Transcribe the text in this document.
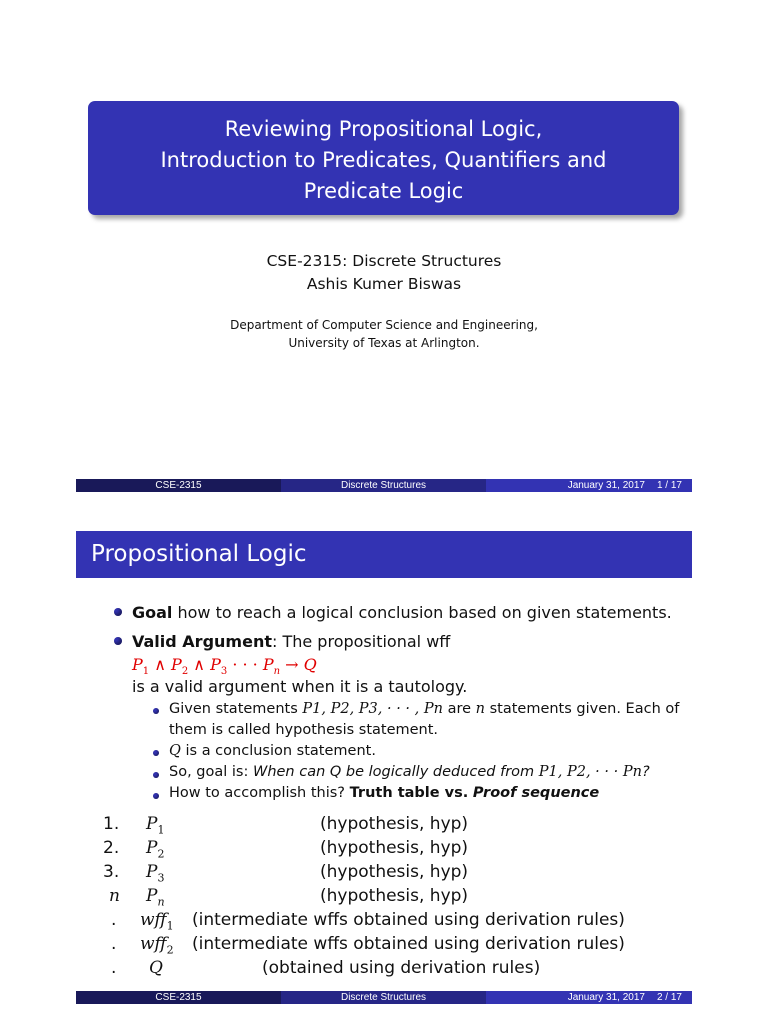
Reviewing Propositional Logic,
Introduction to Predicates, Quantifiers and
Predicate Logic
CSE-2315: Discrete Structures
Ashis Kumer Biswas
Department of Computer Science and Engineering,
University of Texas at Arlington.
CSE-2315	Discrete Structures	January 31, 2017 1 / 17
Propositional Logic
Goal how to reach a logical conclusion based on given statements.
Valid Argument: The propositional wff
$P_1$ ∧ $P_2$ ∧ $P_3$ · · · $P_n \to Q$
is a valid argument when it is a tautology.
Given statements P1, P2, P3, · · · , Pn are n statements given. Each of
them is called hypothesis statement.
Q is a conclusion statement.
So, goal is: When can Q be logically deduced from P1, P2, · · · Pn?
How to accomplish this? Truth table vs. Proof sequence
1. $P_1$	(hypothesis, hyp)
2. $P_2$	(hypothesis, hyp)
3. $P_3$	(hypothesis, hyp)
n $P_n$	(hypothesis, hyp)
. wff$_1$ (intermediate wffs obtained using derivation rules)
. wff$_2$ (intermediate wffs obtained using derivation rules)
. Q	(obtained using derivation rules)
CSE-2315	Discrete Structures	January 31, 2017 2 / 17
